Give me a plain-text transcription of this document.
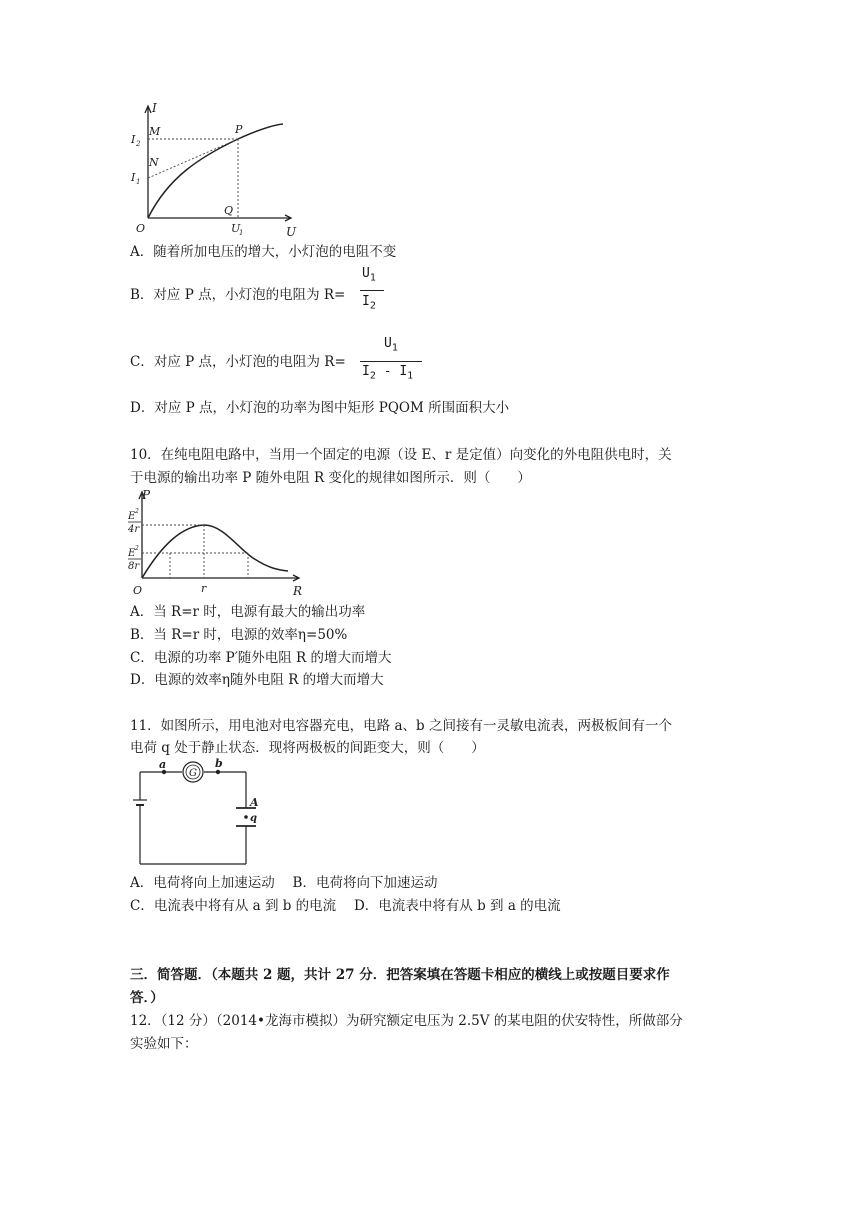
I
U
O
I 2
I 1
M
N
P
Q
U
1
A．随着所加电压的增大，小灯泡的电阻不变
B．对应 P 点，小灯泡的电阻为 R=
$U_1$
$I_2$
C．对应 P 点，小灯泡的电阻为 R=
$U_1$
$I_2 - I_1$
D．对应 P 点，小灯泡的功率为图中矩形 PQOM 所围面积大小
10．在纯电阻电路中，当用一个固定的电源（设 E、r 是定值）向变化的外电阻供电时，关
于电源的输出功率 P 随外电阻 R 变化的规律如图所示．则（　　）
P
R
O	r
E 2
4r
E 2
8r
A．当 R=r 时，电源有最大的输出功率
B．当 R=r 时，电源的效率η=50%
C．电源的功率 P′随外电阻 R 的增大而增大
D．电源的效率η随外电阻 R 的增大而增大
11．如图所示，用电池对电容器充电，电路 a、b 之间接有一灵敏电流表，两极板间有一个
电荷 q 处于静止状态．现将两极板的间距变大，则（　　）
a	b
G
A
q
A．电荷将向上加速运动　 B．电荷将向下加速运动
C．电流表中将有从 a 到 b 的电流　 D．电流表中将有从 b 到 a 的电流
三．简答题．（本题共 2 题，共计 27 分．把答案填在答题卡相应的横线上或按题目要求作
答．）
12．（12 分）（2014•龙海市模拟）为研究额定电压为 2.5V 的某电阻的伏安特性，所做部分
实验如下：
